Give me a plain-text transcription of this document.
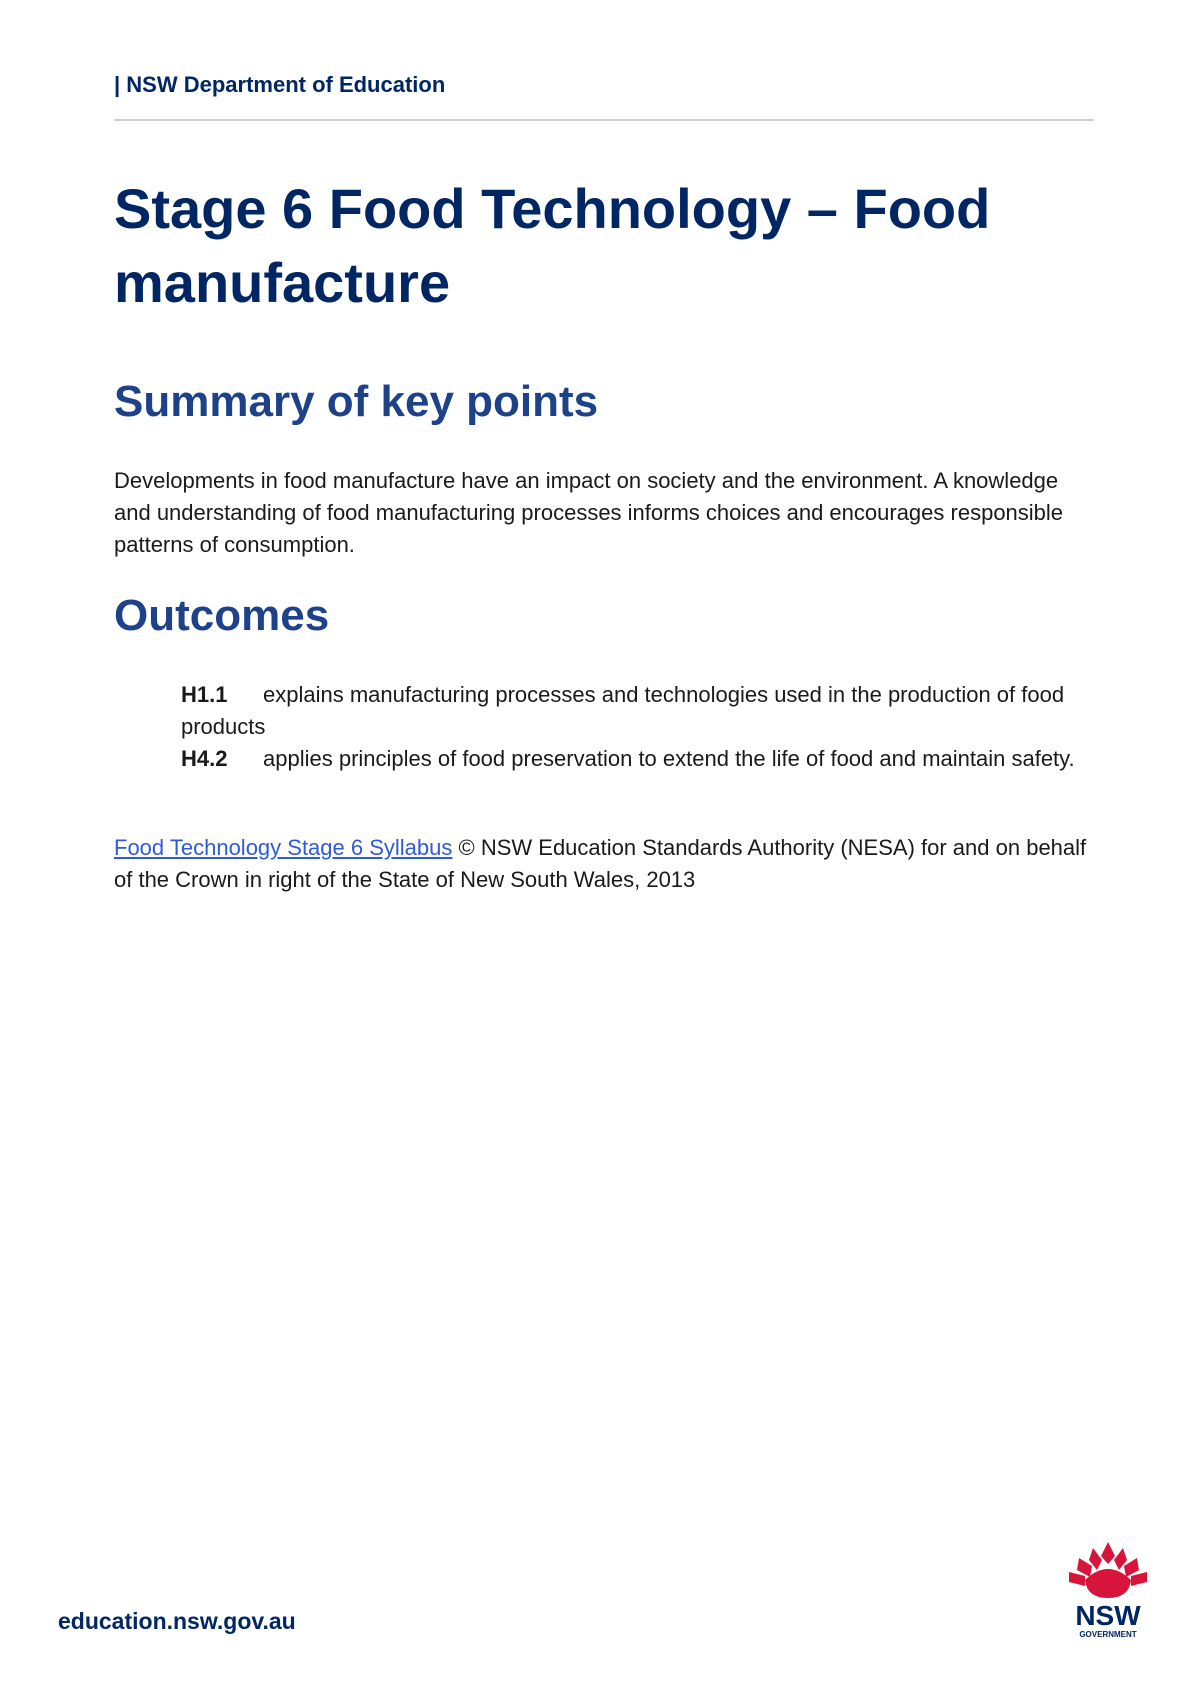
| NSW Department of Education
Stage 6 Food Technology – Food manufacture
Summary of key points

Developments in food manufacture have an impact on society and the environment. A knowledge and understanding of food manufacturing processes informs choices and encourages responsible patterns of consumption.

Outcomes

H1.1 explains manufacturing processes and technologies used in the production of food products

H4.2 applies principles of food preservation to extend the life of food and maintain safety.

Food Technology Stage 6 Syllabus © NSW Education Standards Authority (NESA) for and on behalf of the Crown in right of the State of New South Wales, 2013

education.nsw.gov.au	NSW
GOVERNMENT
